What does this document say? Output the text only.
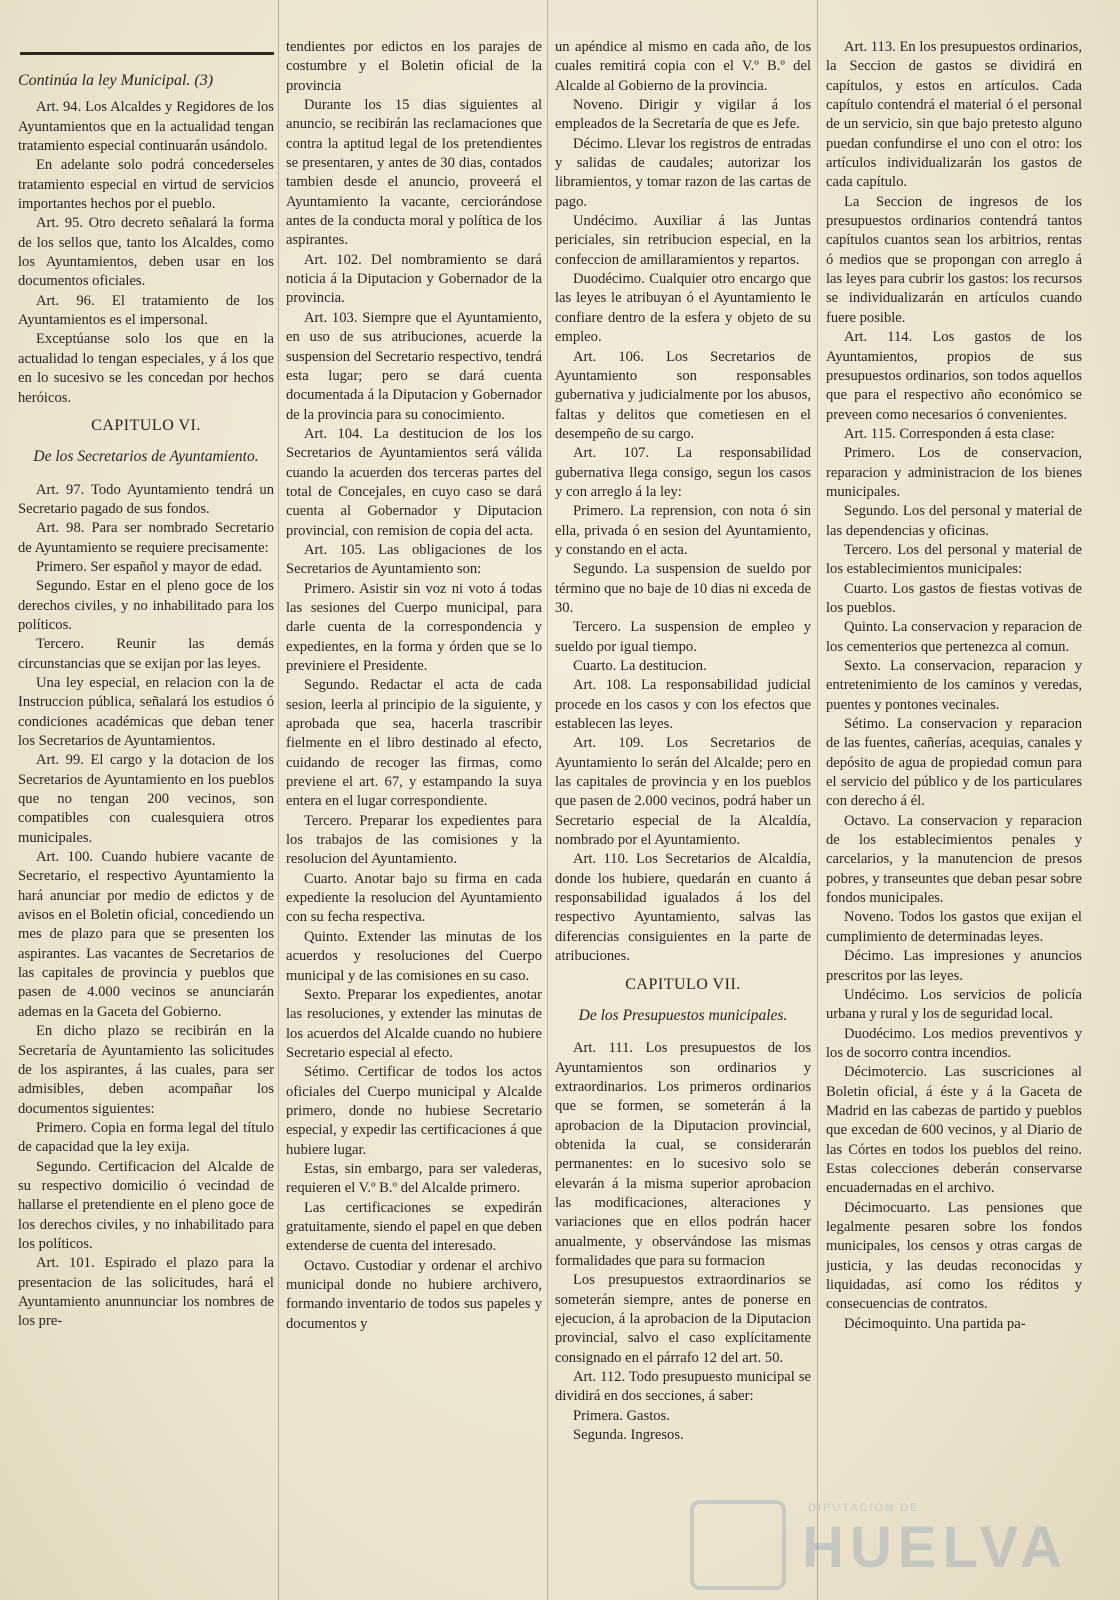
Continúa la ley Municipal. (3)

Art. 94. Los Alcaldes y Regidores de los Ayuntamientos que en la actualidad tengan tratamiento especial continuarán usándolo.

En adelante solo podrá concederseles tratamiento especial en virtud de servicios importantes hechos por el pueblo.

Art. 95. Otro decreto señalará la forma de los sellos que, tanto los Alcaldes, como los Ayuntamientos, deben usar en los documentos oficiales.

Art. 96. El tratamiento de los Ayuntamientos es el impersonal.

Exceptúanse solo los que en la actualidad lo tengan especiales, y á los que en lo sucesivo se les concedan por hechos heróicos.

CAPITULO VI.

De los Secretarios de Ayuntamiento.

Art. 97. Todo Ayuntamiento tendrá un Secretario pagado de sus fondos.

Art. 98. Para ser nombrado Secretario de Ayuntamiento se requiere precisamente:

Primero. Ser español y mayor de edad.

Segundo. Estar en el pleno goce de los derechos civiles, y no inhabilitado para los políticos.

Tercero. Reunir las demás circunstancias que se exijan por las leyes.

Una ley especial, en relacion con la de Instruccion pública, señalará los estudios ó condiciones académicas que deban tener los Secretarios de Ayuntamientos.

Art. 99. El cargo y la dotacion de los Secretarios de Ayuntamiento en los pueblos que no tengan 200 vecinos, son compatibles con cualesquiera otros municipales.

Art. 100. Cuando hubiere vacante de Secretario, el respectivo Ayuntamiento la hará anunciar por medio de edictos y de avisos en el Boletin oficial, concediendo un mes de plazo para que se presenten los aspirantes. Las vacantes de Secretarios de las capitales de provincia y pueblos que pasen de 4.000 vecinos se anunciarán ademas en la Gaceta del Gobierno.

En dicho plazo se recibirán en la Secretaría de Ayuntamiento las solicitudes de los aspirantes, á las cuales, para ser admisibles, deben acompañar los documentos siguientes:

Primero. Copia en forma legal del título de capacidad que la ley exija.

Segundo. Certificacion del Alcalde de su respectivo domicilio ó vecindad de hallarse el pretendiente en el pleno goce de los derechos civiles, y no inhabilitado para los políticos.

Art. 101. Espirado el plazo para la presentacion de las solicitudes, hará el Ayuntamiento anunnunciar los nombres de los pre-

tendientes por edictos en los parajes de costumbre y el Boletin oficial de la provincia

Durante los 15 dias siguientes al anuncio, se recibirán las reclamaciones que contra la aptitud legal de los pretendientes se presentaren, y antes de 30 dias, contados tambien desde el anuncio, proveerá el Ayuntamiento la vacante, cerciorándose antes de la conducta moral y política de los aspirantes.

Art. 102. Del nombramiento se dará noticia á la Diputacion y Gobernador de la provincia.

Art. 103. Siempre que el Ayuntamiento, en uso de sus atribuciones, acuerde la suspension del Secretario respectivo, tendrá esta lugar; pero se dará cuenta documentada á la Diputacion y Gobernador de la provincia para su conocimiento.

Art. 104. La destitucion de los los Secretarios de Ayuntamientos será válida cuando la acuerden dos terceras partes del total de Concejales, en cuyo caso se dará cuenta al Gobernador y Diputacion provincial, con remision de copia del acta.

Art. 105. Las obligaciones de los Secretarios de Ayuntamiento son:

Primero. Asistir sin voz ni voto á todas las sesiones del Cuerpo municipal, para darle cuenta de la correspondencia y expedientes, en la forma y órden que se lo previniere el Presidente.

Segundo. Redactar el acta de cada sesion, leerla al principio de la siguiente, y aprobada que sea, hacerla trascribir fielmente en el libro destinado al efecto, cuidando de recoger las firmas, como previene el art. 67, y estampando la suya entera en el lugar correspondiente.

Tercero. Preparar los expedientes para los trabajos de las comisiones y la resolucion del Ayuntamiento.

Cuarto. Anotar bajo su firma en cada expediente la resolucion del Ayuntamiento con su fecha respectiva.

Quinto. Extender las minutas de los acuerdos y resoluciones del Cuerpo municipal y de las comisiones en su caso.

Sexto. Preparar los expedientes, anotar las resoluciones, y extender las minutas de los acuerdos del Alcalde cuando no hubiere Secretario especial al efecto.

Sétimo. Certificar de todos los actos oficiales del Cuerpo municipal y Alcalde primero, donde no hubiese Secretario especial, y expedir las certificaciones á que hubiere lugar.

Estas, sin embargo, para ser valederas, requieren el V.º B.º del Alcalde primero.

Las certificaciones se expedirán gratuitamente, siendo el papel en que deben extenderse de cuenta del interesado.

Octavo. Custodiar y ordenar el archivo municipal donde no hubiere archivero, formando inventario de todos sus papeles y documentos y

un apéndice al mismo en cada año, de los cuales remitirá copia con el V.º B.º del Alcalde al Gobierno de la provincia.

Noveno. Dirigir y vigilar á los empleados de la Secretaría de que es Jefe.

Décimo. Llevar los registros de entradas y salidas de caudales; autorizar los libramientos, y tomar razon de las cartas de pago.

Undécimo. Auxiliar á las Juntas periciales, sin retribucion especial, en la confeccion de amillaramientos y repartos.

Duodécimo. Cualquier otro encargo que las leyes le atribuyan ó el Ayuntamiento le confiare dentro de la esfera y objeto de su empleo.

Art. 106. Los Secretarios de Ayuntamiento son responsables gubernativa y judicialmente por los abusos, faltas y delitos que cometiesen en el desempeño de su cargo.

Art. 107. La responsabilidad gubernativa llega consigo, segun los casos y con arreglo á la ley:

Primero. La reprension, con nota ó sin ella, privada ó en sesion del Ayuntamiento, y constando en el acta.

Segundo. La suspension de sueldo por término que no baje de 10 dias ni exceda de 30.

Tercero. La suspension de empleo y sueldo por igual tiempo.

Cuarto. La destitucion.

Art. 108. La responsabilidad judicial procede en los casos y con los efectos que establecen las leyes.

Art. 109. Los Secretarios de Ayuntamiento lo serán del Alcalde; pero en las capitales de provincia y en los pueblos que pasen de 2.000 vecinos, podrá haber un Secretario especial de la Alcaldía, nombrado por el Ayuntamiento.

Art. 110. Los Secretarios de Alcaldía, donde los hubiere, quedarán en cuanto á responsabilidad igualados á los del respectivo Ayuntamiento, salvas las diferencias consiguientes en la parte de atribuciones.

CAPITULO VII.

De los Presupuestos municipales.

Art. 111. Los presupuestos de los Ayuntamientos son ordinarios y extraordinarios. Los primeros ordinarios que se formen, se someterán á la aprobacion de la Diputacion provincial, obtenida la cual, se considerarán permanentes: en lo sucesivo solo se elevarán á la misma superior aprobacion las modificaciones, alteraciones y variaciones que en ellos podrán hacer anualmente, y observándose las mismas formalidades que para su formacion

Los presupuestos extraordinarios se someterán siempre, antes de ponerse en ejecucion, á la aprobacion de la Diputacion provincial, salvo el caso explícitamente consignado en el párrafo 12 del art. 50.

Art. 112. Todo presupuesto municipal se dividirá en dos secciones, á saber:

Primera. Gastos.

Segunda. Ingresos.

Art. 113. En los presupuestos ordinarios, la Seccion de gastos se dividirá en capítulos, y estos en artículos. Cada capítulo contendrá el material ó el personal de un servicio, sin que bajo pretesto alguno puedan confundirse el uno con el otro: los artículos individualizarán los gastos de cada capítulo.

La Seccion de ingresos de los presupuestos ordinarios contendrá tantos capítulos cuantos sean los arbitrios, rentas ó medios que se propongan con arreglo á las leyes para cubrir los gastos: los recursos se individualizarán en artículos cuando fuere posible.

Art. 114. Los gastos de los Ayuntamientos, propios de sus presupuestos ordinarios, son todos aquellos que para el respectivo año económico se preveen como necesarios ó convenientes.

Art. 115. Corresponden á esta clase:

Primero. Los de conservacion, reparacion y administracion de los bienes municipales.

Segundo. Los del personal y material de las dependencias y oficinas.

Tercero. Los del personal y material de los establecimientos municipales:

Cuarto. Los gastos de fiestas votivas de los pueblos.

Quinto. La conservacion y reparacion de los cementerios que pertenezca al comun.

Sexto. La conservacion, reparacion y entretenimiento de los caminos y veredas, puentes y pontones vecinales.

Sétimo. La conservacion y reparacion de las fuentes, cañerías, acequias, canales y depósito de agua de propiedad comun para el servicio del público y de los particulares con derecho á él.

Octavo. La conservacion y reparacion de los establecimientos penales y carcelarios, y la manutencion de presos pobres, y transeuntes que deban pesar sobre fondos municipales.

Noveno. Todos los gastos que exijan el cumplimiento de determinadas leyes.

Décimo. Las impresiones y anuncios prescritos por las leyes.

Undécimo. Los servicios de policía urbana y rural y los de seguridad local.

Duodécimo. Los medios preventivos y los de socorro contra incendios.

Décimotercio. Las suscriciones al Boletin oficial, á éste y á la Gaceta de Madrid en las cabezas de partido y pueblos que excedan de 600 vecinos, y al Diario de las Córtes en todos los pueblos del reino. Estas colecciones deberán conservarse encuadernadas en el archivo.

Décimocuarto. Las pensiones que legalmente pesaren sobre los fondos municipales, los censos y otras cargas de justicia, y las deudas reconocidas y liquidadas, así como los réditos y consecuencias de contratos.

Décimoquinto. Una partida pa-

DIPUTACIÓN DE
HUELVA
